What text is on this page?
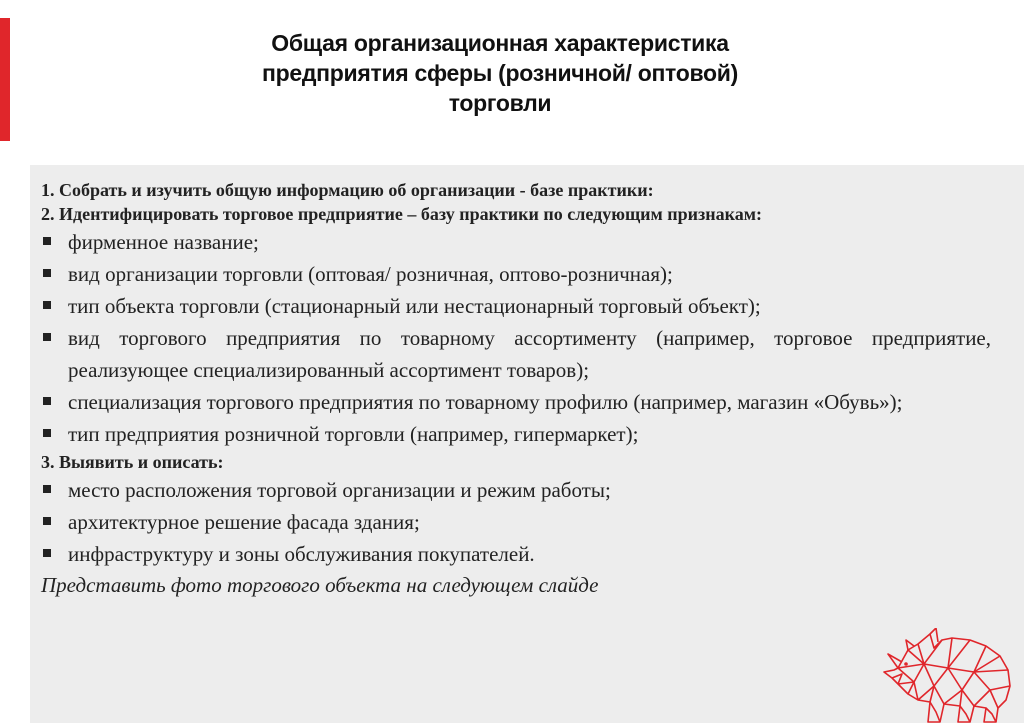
Общая организационная характеристика
предприятия сферы (розничной/ оптовой)
торговли
1. Собрать и изучить общую информацию об организации - базе практики:
2. Идентифицировать торговое предприятие – базу практики по следующим признакам:
фирменное название;
вид организации торговли (оптовая/ розничная, оптово-розничная);
тип объекта торговли (стационарный или нестационарный торговый объект);
вид торгового предприятия по товарному ассортименту (например, торговое предприятие, реализующее специализированный ассортимент товаров);
специализация торгового предприятия по товарному профилю (например, магазин «Обувь»);
тип предприятия розничной торговли (например, гипермаркет);
3. Выявить и описать:
место расположения торговой организации и режим работы;
архитектурное решение фасада здания;
инфраструктуру и зоны обслуживания покупателей.
Представить фото торгового объекта на следующем слайде
